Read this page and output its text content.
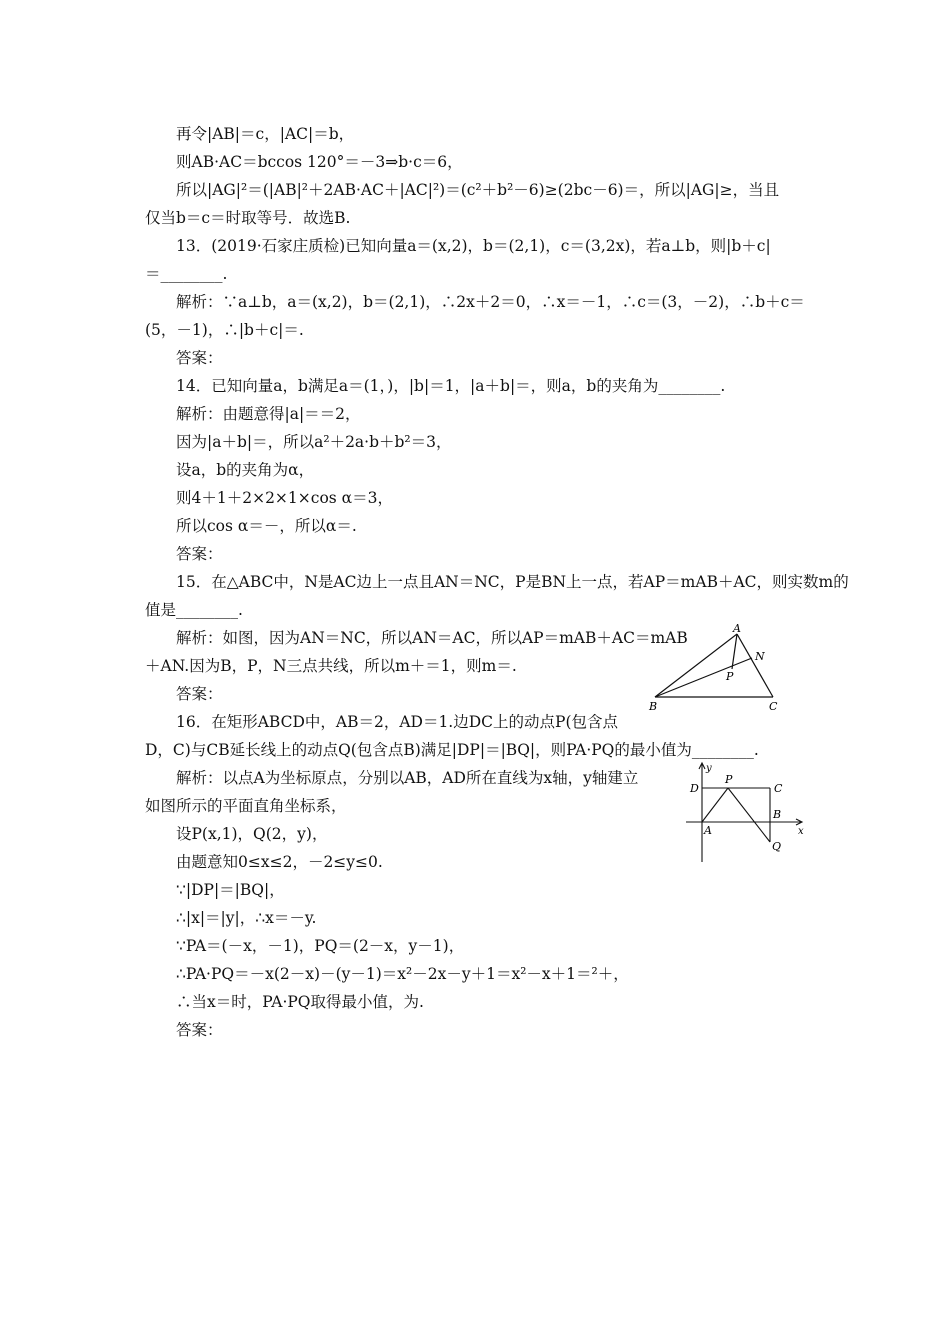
再令|AB|＝c，|AC|＝b，
则AB·AC＝bccos 120°＝－3⇒b·c＝6，
所以|AG|²＝(|AB|²＋2AB·AC＋|AC|²)＝(c²＋b²－6)≥(2bc－6)＝，所以|AG|≥，当且
仅当b＝c＝时取等号．故选B.
13．(2019·石家庄质检)已知向量a＝(x,2)，b＝(2,1)，c＝(3,2x)，若a⊥b，则|b＋c|
＝________.
解析：∵a⊥b，a＝(x,2)，b＝(2,1)，∴2x＋2＝0，∴x＝－1，∴c＝(3，－2)，∴b＋c＝
(5，－1)，∴|b＋c|＝.
答案：
14．已知向量a，b满足a＝(1，)，|b|＝1，|a＋b|＝，则a，b的夹角为________.
解析：由题意得|a|＝＝2，
因为|a＋b|＝，所以a²＋2a·b＋b²＝3，
设a，b的夹角为α，
则4＋1＋2×2×1×cos α＝3，
所以cos α＝－，所以α＝.
答案：
15．在△ABC中，N是AC边上一点且AN＝NC，P是BN上一点，若AP＝mAB＋AC，则实数m的
值是________.
解析：如图，因为AN＝NC，所以AN＝AC，所以AP＝mAB＋AC＝mAB
＋AN.因为B，P，N三点共线，所以m＋＝1，则m＝.
答案：
16．在矩形ABCD中，AB＝2，AD＝1.边DC上的动点P(包含点
D，C)与CB延长线上的动点Q(包含点B)满足|DP|＝|BQ|，则PA·PQ的最小值为________.
解析：以点A为坐标原点，分别以AB，AD所在直线为x轴，y轴建立
如图所示的平面直角坐标系，
设P(x,1)，Q(2，y)，
由题意知0≤x≤2，－2≤y≤0.
∵|DP|＝|BQ|，
∴|x|＝|y|，∴x＝－y.
∵PA＝(－x，－1)，PQ＝(2－x，y－1)，
∴PA·PQ＝－x(2－x)－(y－1)＝x²－2x－y＋1＝x²－x＋1＝²＋，
∴当x＝时，PA·PQ取得最小值，为.
答案：
A
N
P
B	C
y
P
C
D
B
A	x
Q
